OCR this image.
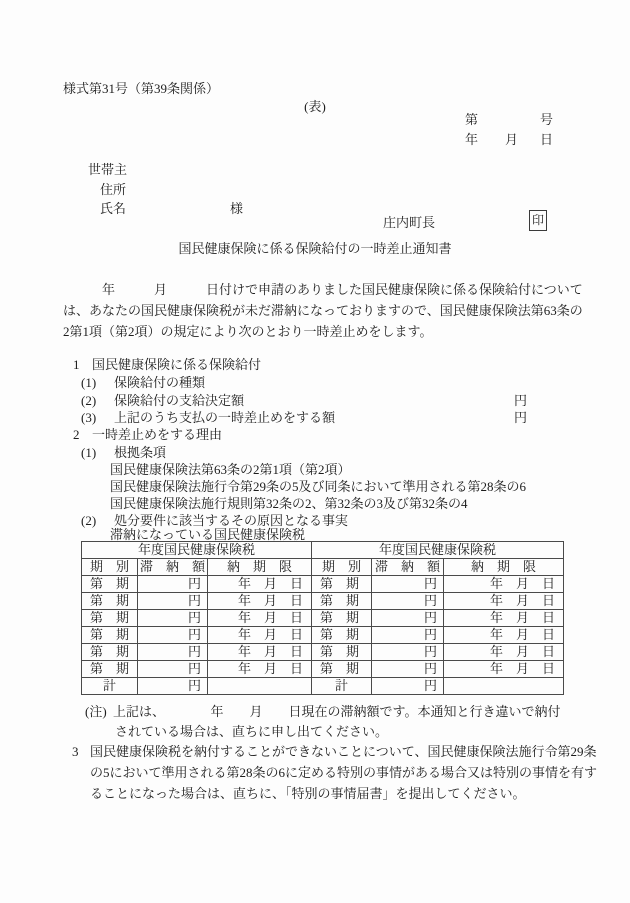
様式第31号（第39条関係）
(表)
第	号
年 月 日
世帯主
住所
氏名	様
庄内町長	印
国民健康保険に係る保険給付の一時差止通知書
　　　年　　　月　　　日付けで申請のありました国民健康保険に係る保険給付について
は、あなたの国民健康保険税が未だ滞納になっておりますので、国民健康保険法第63条の
2第1項（第2項）の規定により次のとおり一時差止めをします。
1 国民健康保険に係る保険給付
(1) 保険給付の種類
(2) 保険給付の支給決定額	円
(3) 上記のうち支払の一時差止めをする額	円
2 一時差止めをする理由
(1) 根拠条項
国民健康保険法第63条の2第1項（第2項）
国民健康保険法施行令第29条の5及び同条において準用される第28条の6
国民健康保険法施行規則第32条の2、第32条の3及び第32条の4
(2) 処分要件に該当するその原因となる事実
滞納になっている国民健康保険税
年度国民健康保険税			年度国民健康保険税		
期　別	滞　納　額	納　期　限	期　別	滞　納　額	納　期　限
第　期	円	年　月　日	第　期	円	年　月　日
第　期	円	年　月　日	第　期	円	年　月　日
第　期	円	年　月　日	第　期	円	年　月　日
第　期	円	年　月　日	第　期	円	年　月　日
第　期	円	年　月　日	第　期	円	年　月　日
第　期	円	年　月　日	第　期	円	年　月　日
計	円		計	円	
(注) 上記は、　　　　年　　月　　日現在の滞納額です。本通知と行き違いで納付
されている場合は、直ちに申し出てください。
3 国民健康保険税を納付することができないことについて、国民健康保険法施行令第29条
の5において準用される第28条の6に定める特別の事情がある場合又は特別の事情を有す
ることになった場合は、直ちに、「特別の事情届書」を提出してください。
